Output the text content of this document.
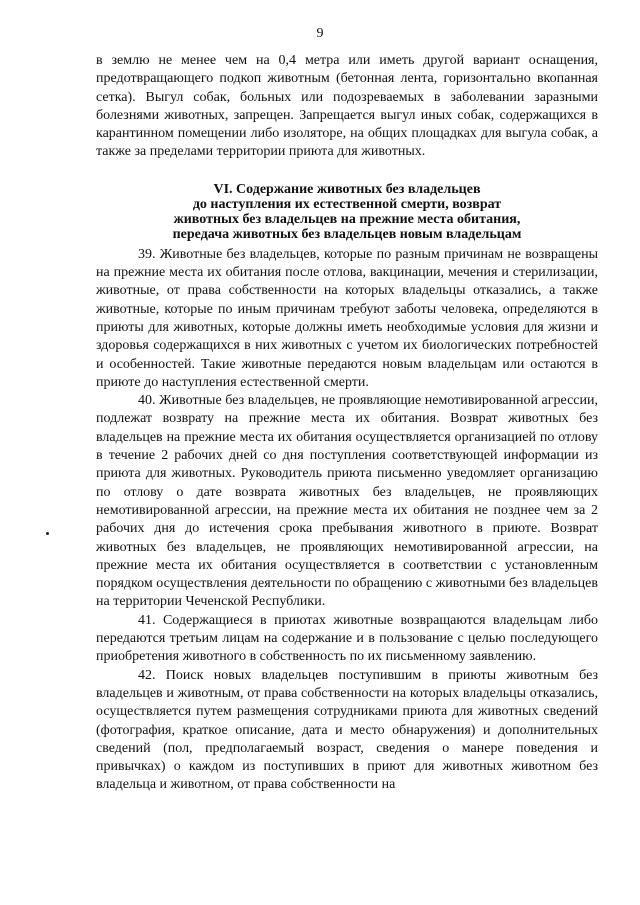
9

в землю не менее чем на 0,4 метра или иметь другой вариант оснащения, предотвращающего подкоп животным (бетонная лента, горизонтально вкопанная сетка). Выгул собак, больных или подозреваемых в заболевании заразными болезнями животных, запрещен. Запрещается выгул иных собак, содержащихся в карантинном помещении либо изоляторе, на общих площадках для выгула собак, а также за пределами территории приюта для животных.

VI. Содержание животных без владельцев
до наступления их естественной смерти, возврат
животных без владельцев на прежние места обитания,
передача животных без владельцев новым владельцам

39. Животные без владельцев, которые по разным причинам не возвращены на прежние места их обитания после отлова, вакцинации, мечения и стерилизации, животные, от права собственности на которых владельцы отказались, а также животные, которые по иным причинам требуют заботы человека, определяются в приюты для животных, которые должны иметь необходимые условия для жизни и здоровья содержащихся в них животных с учетом их биологических потребностей и особенностей. Такие животные передаются новым владельцам или остаются в приюте до наступления естественной смерти.

40. Животные без владельцев, не проявляющие немотивированной агрессии, подлежат возврату на прежние места их обитания. Возврат животных без владельцев на прежние места их обитания осуществляется организацией по отлову в течение 2 рабочих дней со дня поступления соответствующей информации из приюта для животных. Руководитель приюта письменно уведомляет организацию по отлову о дате возврата животных без владельцев, не проявляющих немотивированной агрессии, на прежние места их обитания не позднее чем за 2 рабочих дня до истечения срока пребывания животного в приюте. Возврат животных без владельцев, не проявляющих немотивированной агрессии, на прежние места их обитания осуществляется в соответствии с установленным порядком осуществления деятельности по обращению с животными без владельцев на территории Чеченской Республики.

41. Содержащиеся в приютах животные возвращаются владельцам либо передаются третьим лицам на содержание и в пользование с целью последующего приобретения животного в собственность по их письменному заявлению.

42. Поиск новых владельцев поступившим в приюты животным без владельцев и животным, от права собственности на которых владельцы отказались, осуществляется путем размещения сотрудниками приюта для животных сведений (фотография, краткое описание, дата и место обнаружения) и дополнительных сведений (пол, предполагаемый возраст, сведения о манере поведения и привычках) о каждом из поступивших в приют для животных животном без владельца и животном, от права собственности на
